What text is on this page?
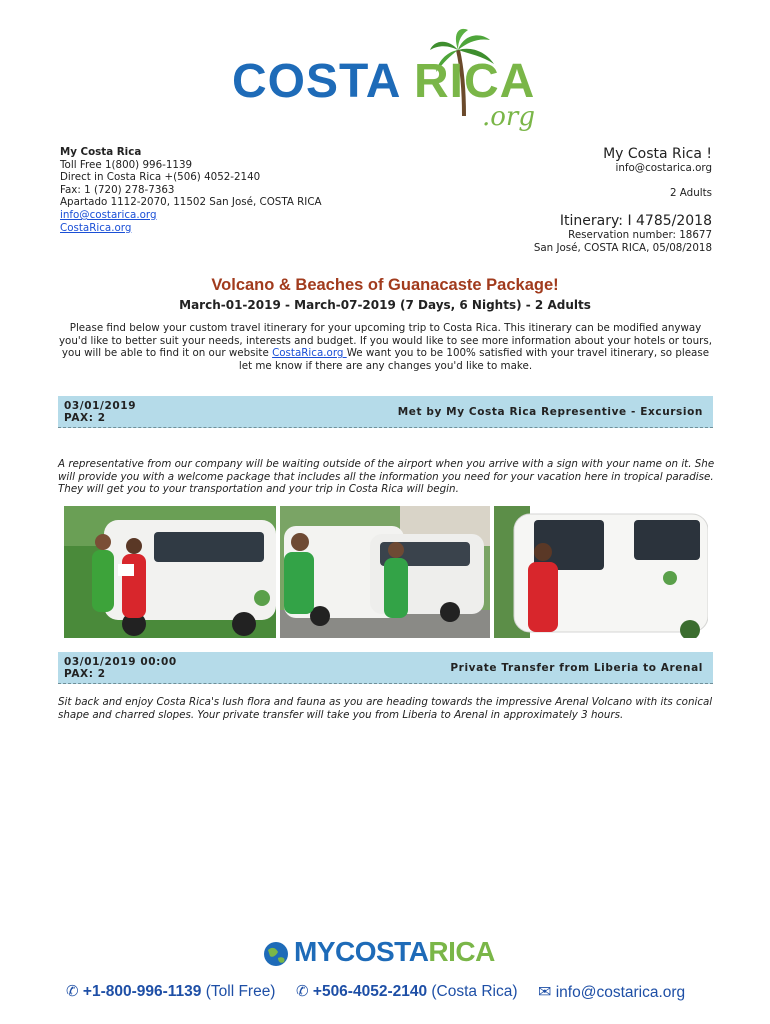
COSTA RICA
.org
My Costa Rica
Toll Free 1(800) 996-1139
Direct in Costa Rica +(506) 4052-2140
Fax: 1 (720) 278-7363
Apartado 1112-2070, 11502 San José, COSTA RICA
info@costarica.org
CostaRica.org
My Costa Rica !
info@costarica.org
2 Adults
Itinerary: I 4785/2018
Reservation number: 18677
San José, COSTA RICA, 05/08/2018
Volcano & Beaches of Guanacaste Package!
March-01-2019 - March-07-2019 (7 Days, 6 Nights) - 2 Adults
Please find below your custom travel itinerary for your upcoming trip to Costa Rica. This itinerary can be modified anyway you'd like to better suit your needs, interests and budget. If you would like to see more information about your hotels or tours, you will be able to find it on our website CostaRica.org We want you to be 100% satisfied with your travel itinerary, so please let me know if there are any changes you'd like to make.
03/01/2019
PAX: 2	Met by My Costa Rica Representive - Excursion
A representative from our company will be waiting outside of the airport when you arrive with a sign with your name on it. She will provide you with a welcome package that includes all the information you need for your vacation here in tropical paradise. They will get you to your transportation and your trip in Costa Rica will begin.
03/01/2019 00:00
PAX: 2	Private Transfer from Liberia to Arenal
Sit back and enjoy Costa Rica's lush flora and fauna as you are heading towards the impressive Arenal Volcano with its conical shape and charred slopes. Your private transfer will take you from Liberia to Arenal in approximately 3 hours.
MYCOSTARICA
✆ +1-800-996-1139 (Toll Free) ✆ +506-4052-2140 (Costa Rica) ✉ info@costarica.org
